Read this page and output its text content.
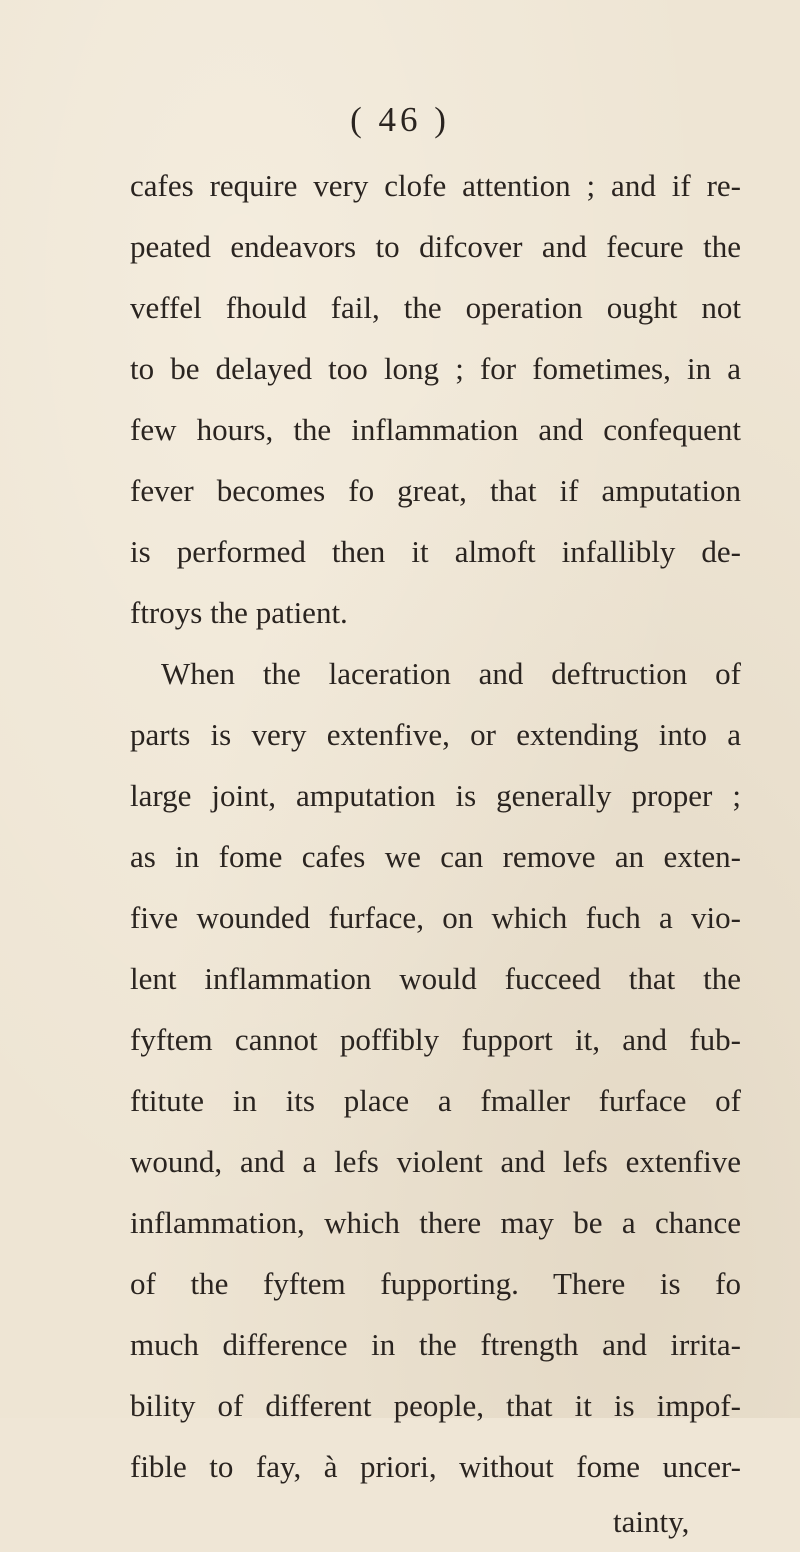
( 46 )
cafes require very clofe attention ; and if re-
peated endeavors to difcover and fecure the
veffel fhould fail, the operation ought not
to be delayed too long ; for fometimes, in a
few hours, the inflammation and confequent
fever becomes fo great, that if amputation
is performed then it almoft infallibly de-
ftroys the patient.
When the laceration and deftruction of
parts is very extenfive, or extending into a
large joint, amputation is generally proper ;
as in fome cafes we can remove an exten-
five wounded furface, on which fuch a vio-
lent inflammation would fucceed that the
fyftem cannot poffibly fupport it, and fub-
ftitute in its place a fmaller furface of
wound, and a lefs violent and lefs extenfive
inflammation, which there may be a chance
of the fyftem fupporting. There is fo
much difference in the ftrength and irrita-
bility of different people, that it is impof-
fible to fay, à priori, without fome uncer-
tainty,
